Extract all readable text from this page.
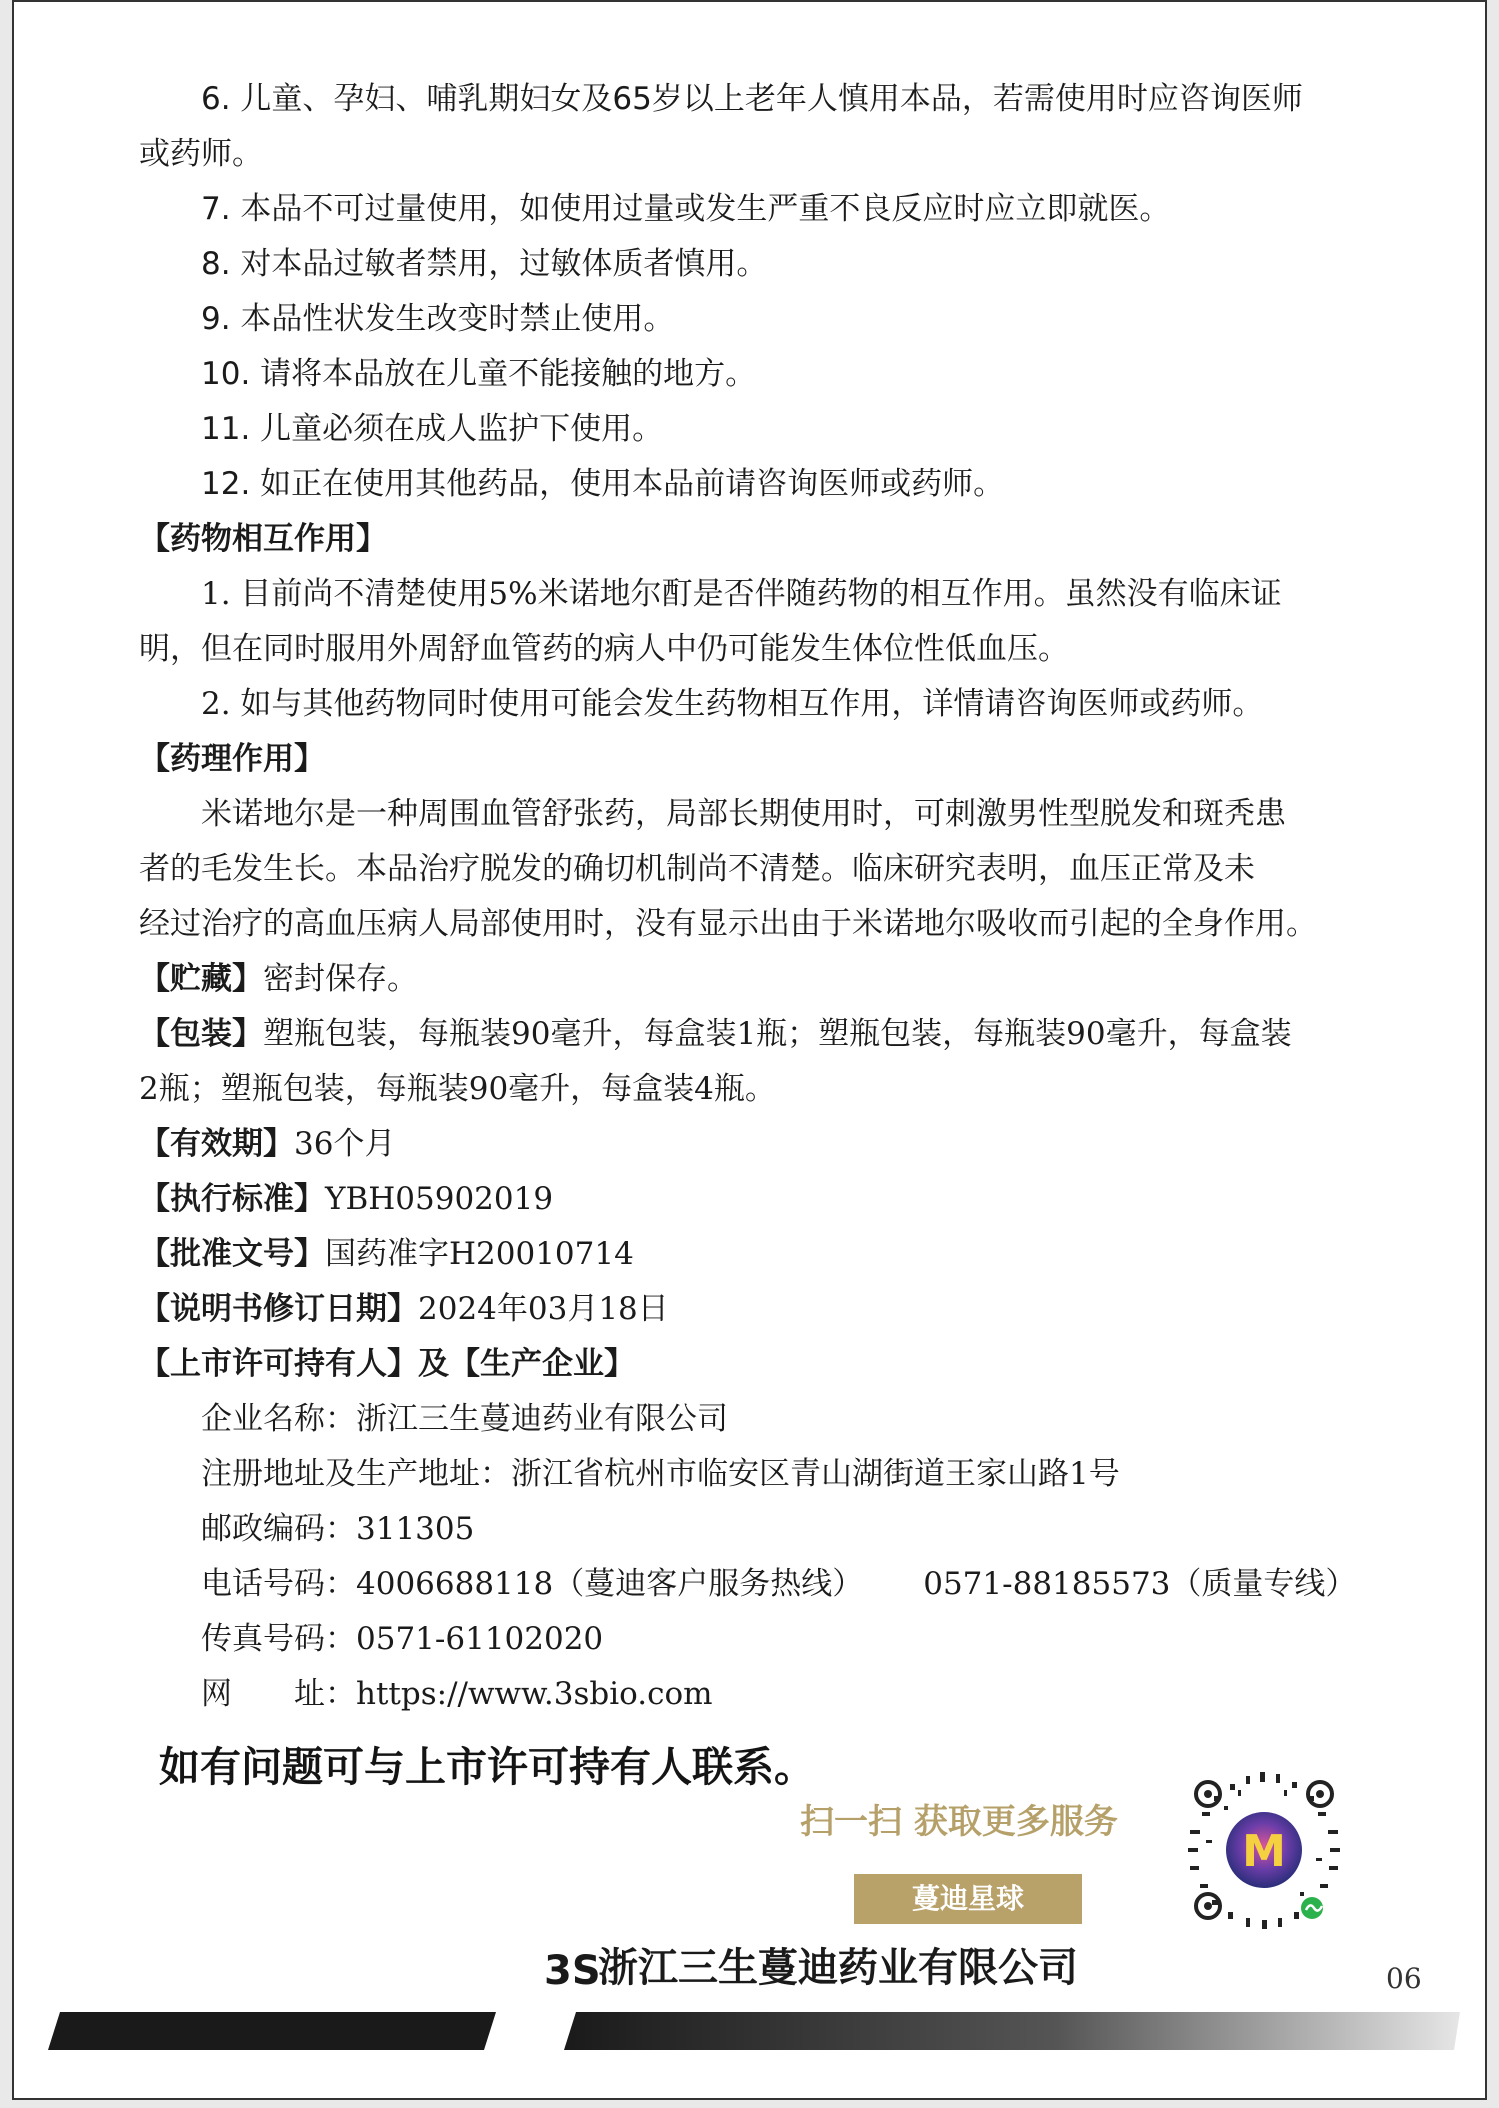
6. 儿童、孕妇、哺乳期妇女及65岁以上老年人慎用本品，若需使用时应咨询医师
或药师。
7. 本品不可过量使用，如使用过量或发生严重不良反应时应立即就医。
8. 对本品过敏者禁用，过敏体质者慎用。
9. 本品性状发生改变时禁止使用。
10. 请将本品放在儿童不能接触的地方。
11. 儿童必须在成人监护下使用。
12. 如正在使用其他药品，使用本品前请咨询医师或药师。
【药物相互作用】
1. 目前尚不清楚使用5%米诺地尔酊是否伴随药物的相互作用。虽然没有临床证
明，但在同时服用外周舒血管药的病人中仍可能发生体位性低血压。
2. 如与其他药物同时使用可能会发生药物相互作用，详情请咨询医师或药师。
【药理作用】
米诺地尔是一种周围血管舒张药，局部长期使用时，可刺激男性型脱发和斑秃患
者的毛发生长。本品治疗脱发的确切机制尚不清楚。临床研究表明，血压正常及未
经过治疗的高血压病人局部使用时，没有显示出由于米诺地尔吸收而引起的全身作用。
【贮藏】密封保存。
【包装】塑瓶包装，每瓶装90毫升，每盒装1瓶；塑瓶包装，每瓶装90毫升，每盒装
2瓶；塑瓶包装，每瓶装90毫升，每盒装4瓶。
【有效期】36个月
【执行标准】YBH05902019
【批准文号】国药准字H20010714
【说明书修订日期】2024年03月18日
【上市许可持有人】及【生产企业】
企业名称：浙江三生蔓迪药业有限公司
注册地址及生产地址：浙江省杭州市临安区青山湖街道王家山路1号
邮政编码：311305
电话号码：4006688118（蔓迪客户服务热线） 0571-88185573（质量专线）
传真号码：0571-61102020
网　　址：https://www.3sbio.com
如有问题可与上市许可持有人联系。
扫一扫 获取更多服务
蔓迪星球
M
3S
浙江三生蔓迪药业有限公司	06
